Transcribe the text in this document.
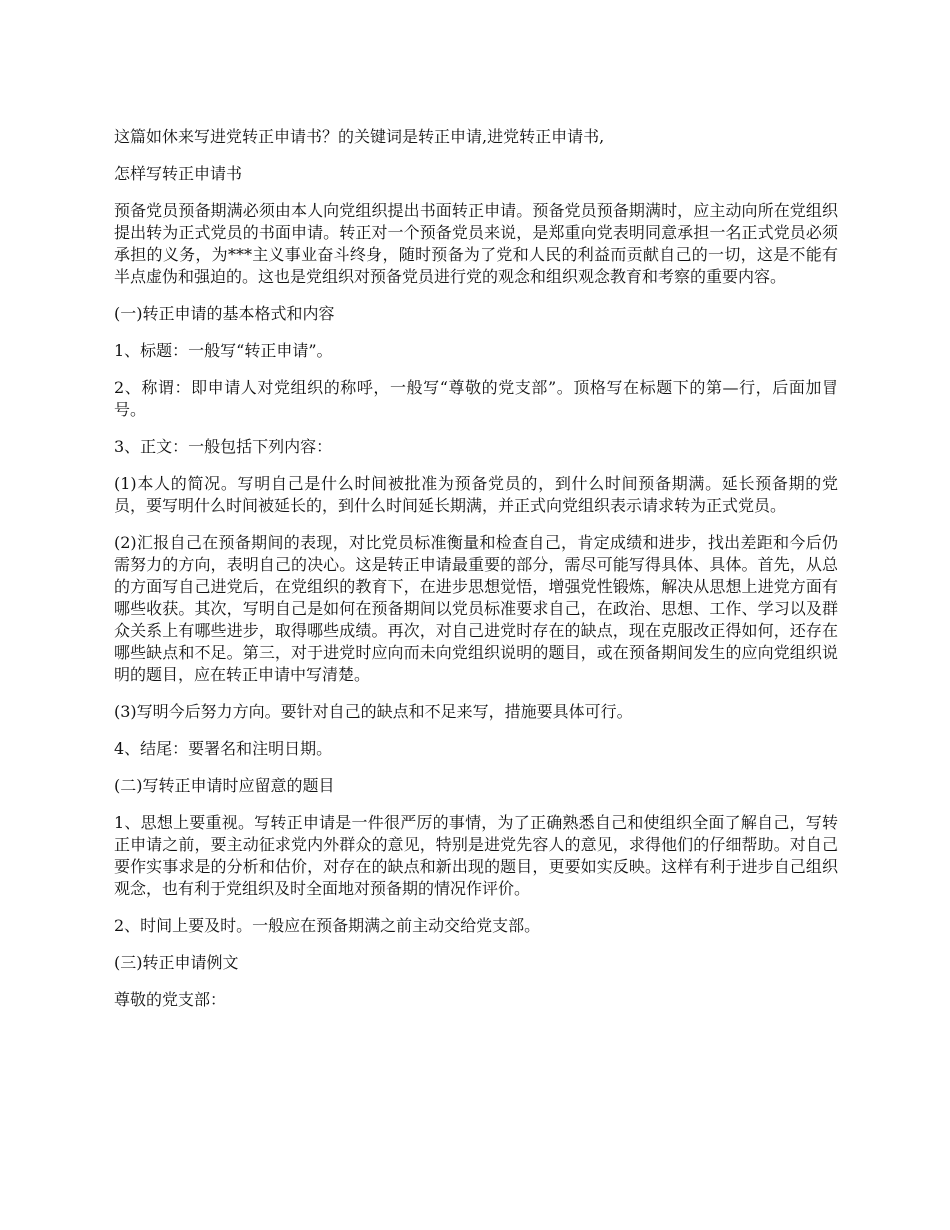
这篇如休来写进党转正申请书？的关键词是转正申请,进党转正申请书,

怎样写转正申请书

预备党员预备期满必须由本人向党组织提出书面转正申请。预备党员预备期满时，应主动向所在党组织提出转为正式党员的书面申请。转正对一个预备党员来说，是郑重向党表明同意承担一名正式党员必须承担的义务，为***主义事业奋斗终身，随时预备为了党和人民的利益而贡献自己的一切，这是不能有半点虚伪和强迫的。这也是党组织对预备党员进行党的观念和组织观念教育和考察的重要内容。

(一)转正申请的基本格式和内容

1、标题：一般写“转正申请”。

2、称谓：即申请人对党组织的称呼，一般写“尊敬的党支部”。顶格写在标题下的第—行，后面加冒号。

3、正文：一般包括下列内容：

(1)本人的简况。写明自己是什么时间被批准为预备党员的，到什么时间预备期满。延长预备期的党员，要写明什么时间被延长的，到什么时间延长期满，并正式向党组织表示请求转为正式党员。

(2)汇报自己在预备期间的表现，对比党员标准衡量和检查自己，肯定成绩和进步，找出差距和今后仍需努力的方向，表明自己的决心。这是转正申请最重要的部分，需尽可能写得具体、具体。首先，从总的方面写自己进党后，在党组织的教育下，在进步思想觉悟，增强党性锻炼，解决从思想上进党方面有哪些收获。其次，写明自己是如何在预备期间以党员标准要求自己，在政治、思想、工作、学习以及群众关系上有哪些进步，取得哪些成绩。再次，对自己进党时存在的缺点，现在克服改正得如何，还存在哪些缺点和不足。第三，对于进党时应向而未向党组织说明的题目，或在预备期间发生的应向党组织说明的题目，应在转正申请中写清楚。

(3)写明今后努力方向。要针对自己的缺点和不足来写，措施要具体可行。

4、结尾：要署名和注明日期。

(二)写转正申请时应留意的题目

1、思想上要重视。写转正申请是一件很严厉的事情，为了正确熟悉自己和使组织全面了解自己，写转正申请之前，要主动征求党内外群众的意见，特别是进党先容人的意见，求得他们的仔细帮助。对自己要作实事求是的分析和估价，对存在的缺点和新出现的题目，更要如实反映。这样有利于进步自己组织观念，也有利于党组织及时全面地对预备期的情况作评价。

2、时间上要及时。一般应在预备期满之前主动交给党支部。

(三)转正申请例文

尊敬的党支部：
